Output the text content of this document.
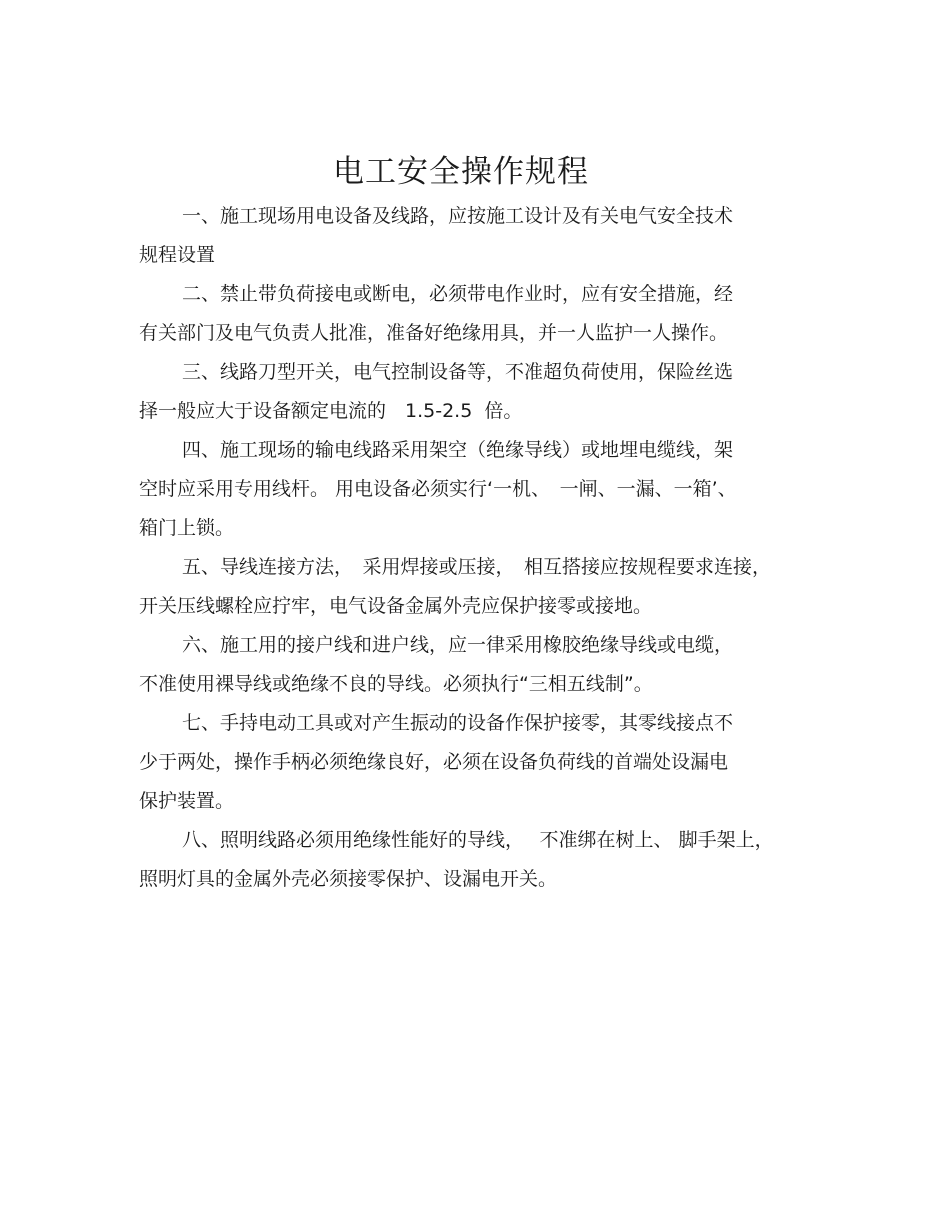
电工安全操作规程
一、施工现场用电设备及线路，应按施工设计及有关电气安全技术
规程设置
二、禁止带负荷接电或断电，必须带电作业时，应有安全措施，经
有关部门及电气负责人批准，准备好绝缘用具，并一人监护一人操作。
三、线路刀型开关，电气控制设备等，不准超负荷使用，保险丝选
择一般应大于设备额定电流的　1.5-2.5  倍。
四、施工现场的输电线路采用架空（绝缘导线）或地埋电缆线，架
空时应采用专用线杆。 用电设备必须实行‘一机、　一闸、一漏、一箱’、
箱门上锁。
五、导线连接方法，　采用焊接或压接，　相互搭接应按规程要求连接，
开关压线螺栓应拧牢，电气设备金属外壳应保护接零或接地。
六、施工用的接户线和进户线，应一律采用橡胶绝缘导线或电缆，
不准使用裸导线或绝缘不良的导线。必须执行“三相五线制”。
七、手持电动工具或对产生振动的设备作保护接零，其零线接点不
少于两处，操作手柄必须绝缘良好，必须在设备负荷线的首端处设漏电
保护装置。
八、照明线路必须用绝缘性能好的导线，　 不准绑在树上、 脚手架上，
照明灯具的金属外壳必须接零保护、设漏电开关。
